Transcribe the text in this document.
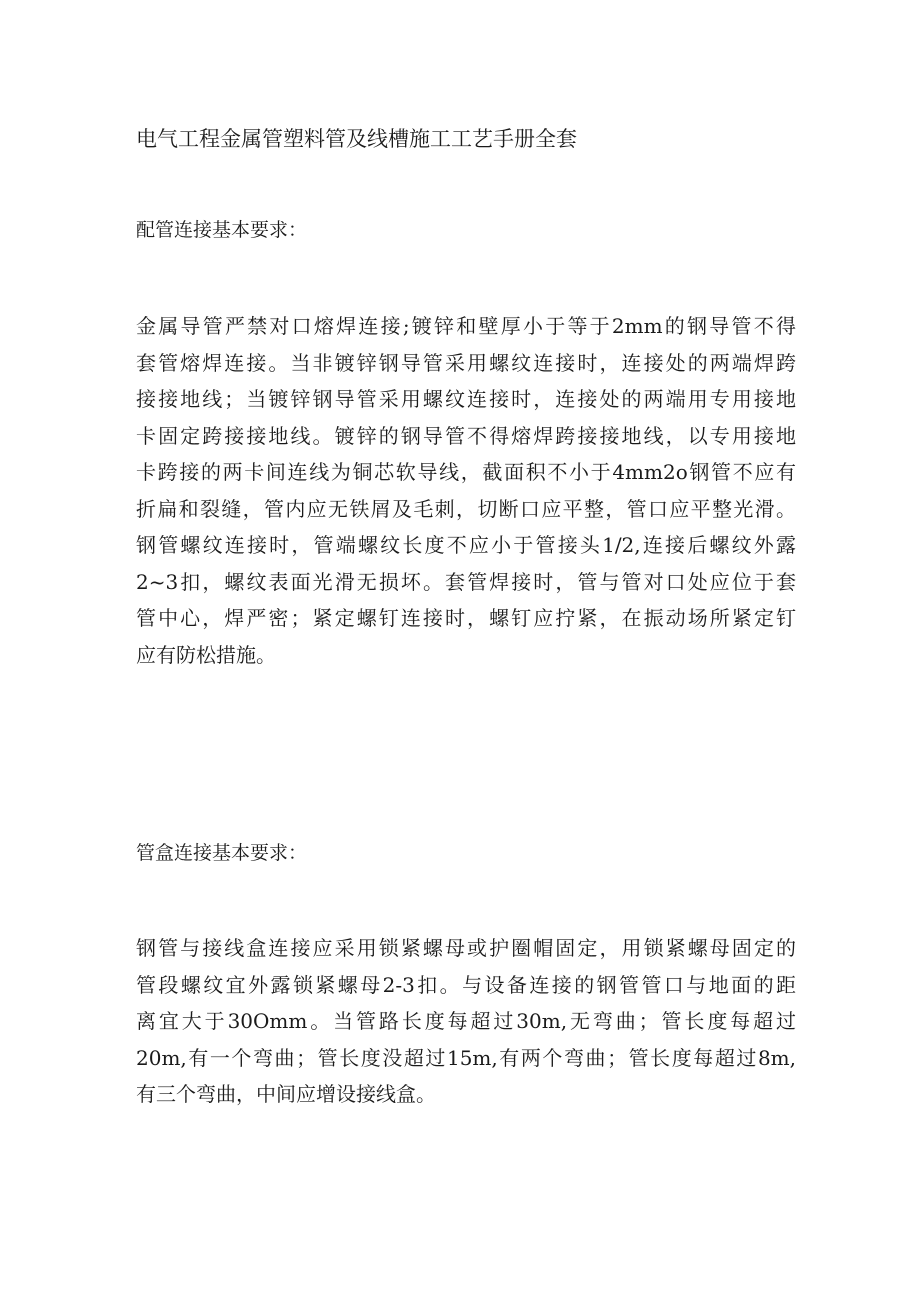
电气工程金属管塑料管及线槽施工工艺手册全套
配管连接基本要求：
金属导管严禁对口熔焊连接;镀锌和壁厚小于等于2mm的钢导管不得
套管熔焊连接。当非镀锌钢导管采用螺纹连接时，连接处的两端焊跨
接接地线；当镀锌钢导管采用螺纹连接时，连接处的两端用专用接地
卡固定跨接接地线。镀锌的钢导管不得熔焊跨接接地线，以专用接地
卡跨接的两卡间连线为铜芯软导线，截面积不小于4mm2o钢管不应有
折扁和裂缝，管内应无铁屑及毛刺，切断口应平整，管口应平整光滑。
钢管螺纹连接时，管端螺纹长度不应小于管接头1/2,连接后螺纹外露
2~3扣，螺纹表面光滑无损坏。套管焊接时，管与管对口处应位于套
管中心，焊严密；紧定螺钉连接时，螺钉应拧紧，在振动场所紧定钉
应有防松措施。
管盒连接基本要求：
钢管与接线盒连接应采用锁紧螺母或护圈帽固定，用锁紧螺母固定的
管段螺纹宜外露锁紧螺母2-3扣。与设备连接的钢管管口与地面的距
离宜大于30Omm。当管路长度每超过30m,无弯曲；管长度每超过
20m,有一个弯曲；管长度没超过15m,有两个弯曲；管长度每超过8m,
有三个弯曲，中间应增设接线盒。
